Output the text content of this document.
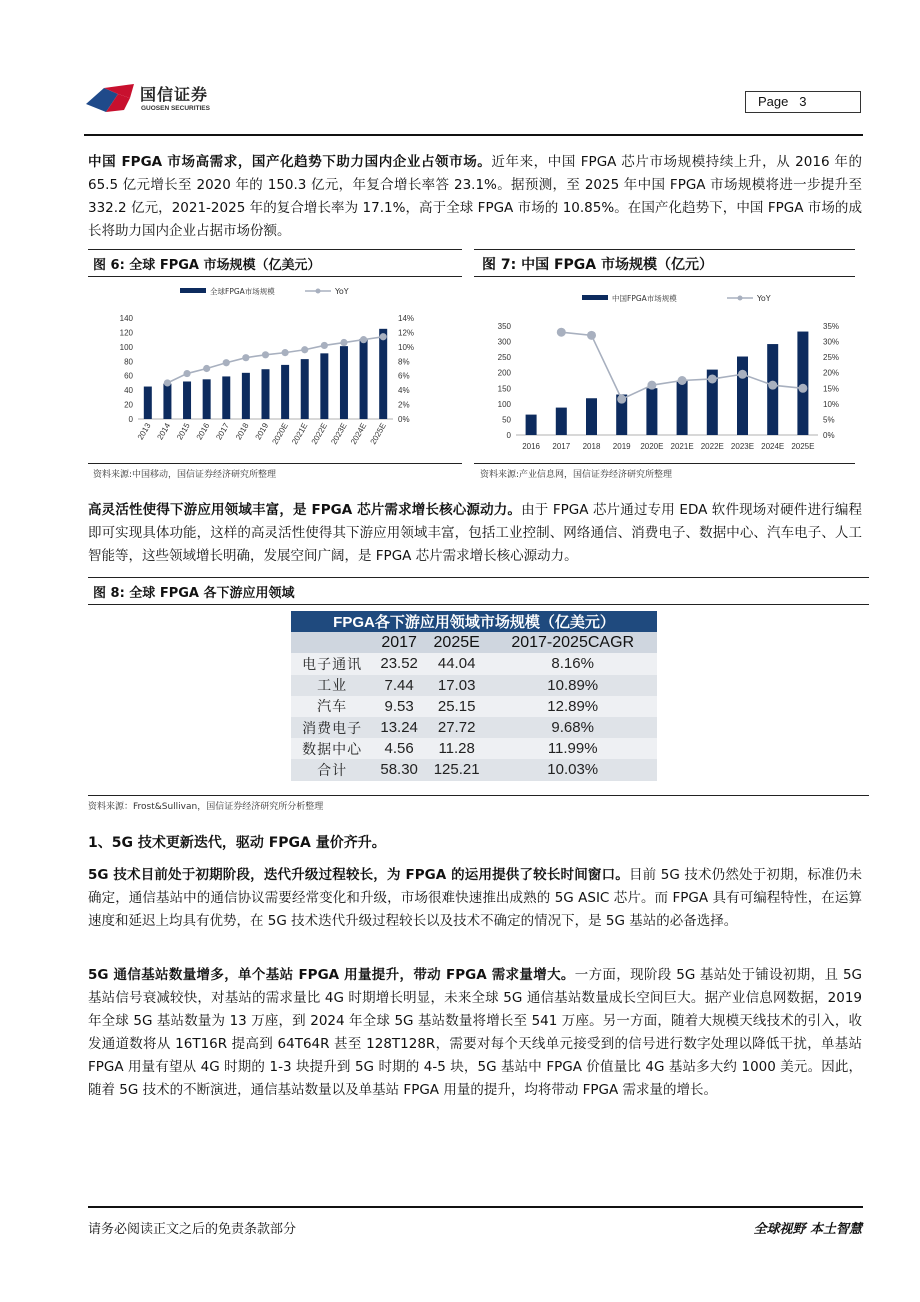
国信证券
GUOSEN SECURITIES	Page 3
中国 FPGA 市场高需求，国产化趋势下助力国内企业占领市场。近年来，中国 FPGA 芯片市场规模持续上升，从 2016 年的 65.5 亿元增长至 2020 年的 150.3 亿元，年复合增长率答 23.1%。据预测，至 2025 年中国 FPGA 市场规模将进一步提升至 332.2 亿元，2021-2025 年的复合增长率为 17.1%，高于全球 FPGA 市场的 10.85%。在国产化趋势下，中国 FPGA 市场的成长将助力国内企业占据市场份额。
图 6: 全球 FPGA 市场规模（亿美元）
全球FPGA市场规模	YoY
0
20
40
60
80
100
120
140
0%
2%
4%
6%
8%
10%
12%
14%
2013 2014 2015 2016 2017 2018 2019 2020E 2021E 2022E 2023E 2024E 2025E
资料来源:中国移动，国信证券经济研究所整理
图 7: 中国 FPGA 市场规模（亿元）
中国FPGA市场规模	YoY
0
50
100
150
200
250
300
350
0%
5%
10%
15%
20%
25%
30%
35%
2016 2017 2018 2019 2020E 2021E 2022E 2023E 2024E 2025E
资料来源:产业信息网，国信证券经济研究所整理
高灵活性使得下游应用领域丰富，是 FPGA 芯片需求增长核心源动力。由于 FPGA 芯片通过专用 EDA 软件现场对硬件进行编程即可实现具体功能，这样的高灵活性使得其下游应用领域丰富，包括工业控制、网络通信、消费电子、数据中心、汽车电子、人工智能等，这些领域增长明确，发展空间广阔，是 FPGA 芯片需求增长核心源动力。
图 8: 全球 FPGA 各下游应用领域
FPGA各下游应用领域市场规模（亿美元）			
	2017	2025E	2017-2025CAGR
电子通讯	23.52	44.04	8.16%
工业	7.44	17.03	10.89%
汽车	9.53	25.15	12.89%
消费电子	13.24	27.72	9.68%
数据中心	4.56	11.28	11.99%
合计	58.30	125.21	10.03%
资料来源：Frost&Sullivan，国信证券经济研究所分析整理
1、5G 技术更新迭代，驱动 FPGA 量价齐升。
5G 技术目前处于初期阶段，迭代升级过程较长，为 FPGA 的运用提供了较长时间窗口。目前 5G 技术仍然处于初期，标准仍未确定，通信基站中的通信协议需要经常变化和升级，市场很难快速推出成熟的 5G ASIC 芯片。而 FPGA 具有可编程特性，在运算速度和延迟上均具有优势，在 5G 技术迭代升级过程较长以及技术不确定的情况下，是 5G 基站的必备选择。
5G 通信基站数量增多，单个基站 FPGA 用量提升，带动 FPGA 需求量增大。一方面，现阶段 5G 基站处于铺设初期，且 5G 基站信号衰减较快，对基站的需求量比 4G 时期增长明显，未来全球 5G 通信基站数量成长空间巨大。据产业信息网数据，2019 年全球 5G 基站数量为 13 万座，到 2024 年全球 5G 基站数量将增长至 541 万座。另一方面，随着大规模天线技术的引入，收发通道数将从 16T16R 提高到 64T64R 甚至 128T128R，需要对每个天线单元接受到的信号进行数字处理以降低干扰，单基站 FPGA 用量有望从 4G 时期的 1-3 块提升到 5G 时期的 4-5 块，5G 基站中 FPGA 价值量比 4G 基站多大约 1000 美元。因此，随着 5G 技术的不断演进，通信基站数量以及单基站 FPGA 用量的提升，均将带动 FPGA 需求量的增长。
请务必阅读正文之后的免责条款部分	全球视野 本土智慧
